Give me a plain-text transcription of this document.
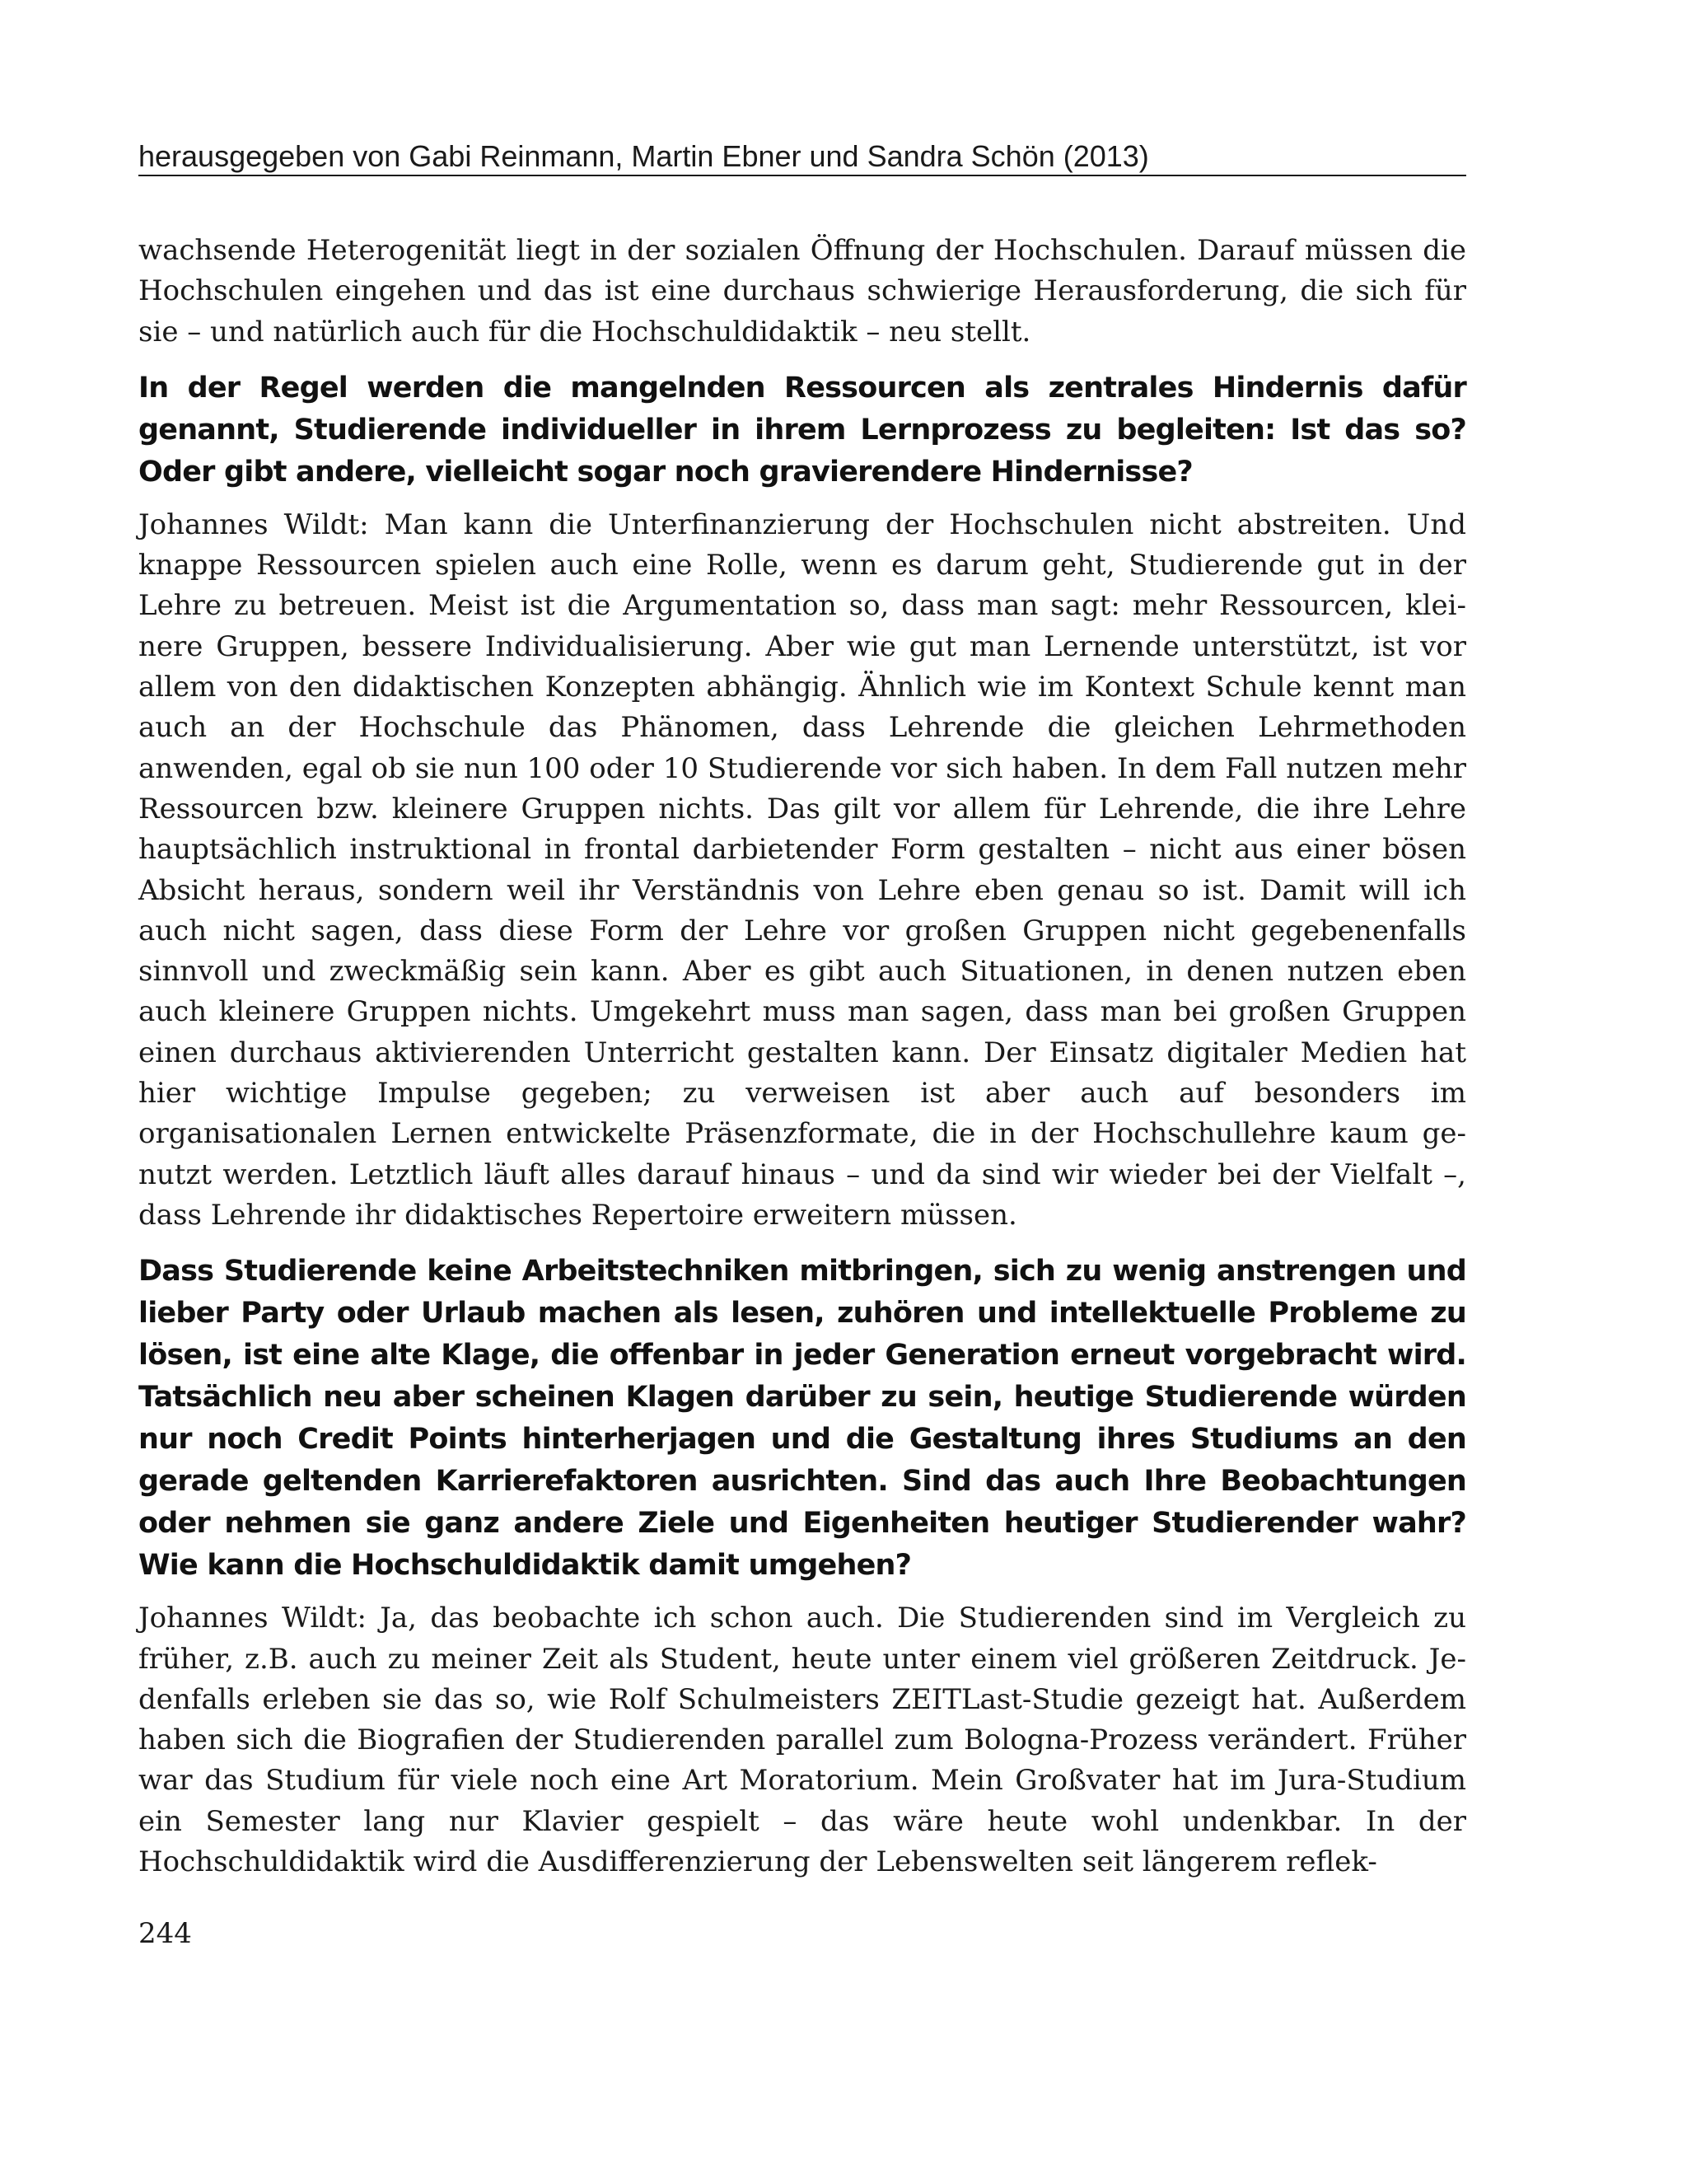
herausgegeben von Gabi Reinmann, Martin Ebner und Sandra Schön (2013)

wachsende Heterogenität liegt in der sozialen Öffnung der Hochschulen. Darauf müssen die Hochschulen eingehen und das ist eine durchaus schwierige Herausforderung, die sich für sie – und natürlich auch für die Hochschuldidaktik – neu stellt.

In der Regel werden die mangelnden Ressourcen als zentrales Hindernis dafür genannt, Studierende individueller in ihrem Lernprozess zu begleiten: Ist das so? Oder gibt andere, vielleicht sogar noch gravierendere Hindernisse?

Johannes Wildt: Man kann die Unterfinanzierung der Hochschulen nicht abstreiten. Und knappe Ressourcen spielen auch eine Rolle, wenn es darum geht, Studierende gut in der Lehre zu betreuen. Meist ist die Argumentation so, dass man sagt: mehr Ressourcen, kleinere Gruppen, bessere Individualisierung. Aber wie gut man Lernende unterstützt, ist vor allem von den didaktischen Konzepten abhängig. Ähnlich wie im Kontext Schule kennt man auch an der Hochschule das Phänomen, dass Lehrende die gleichen Lehrmethoden anwenden, egal ob sie nun 100 oder 10 Studierende vor sich haben. In dem Fall nutzen mehr Ressourcen bzw. kleinere Gruppen nichts. Das gilt vor allem für Lehrende, die ihre Lehre hauptsächlich instruktional in frontal darbietender Form gestalten – nicht aus einer bösen Absicht heraus, sondern weil ihr Verständnis von Lehre eben genau so ist. Damit will ich auch nicht sagen, dass diese Form der Lehre vor großen Gruppen nicht gegebenenfalls sinnvoll und zweckmäßig sein kann. Aber es gibt auch Situationen, in denen nutzen eben auch kleinere Gruppen nichts. Umgekehrt muss man sagen, dass man bei großen Gruppen einen durchaus aktivierenden Unterricht gestalten kann. Der Einsatz digitaler Medien hat hier wichtige Impulse gegeben; zu verweisen ist aber auch auf besonders im organisationalen Lernen entwickelte Präsenzformate, die in der Hochschullehre kaum genutzt werden. Letztlich läuft alles darauf hinaus – und da sind wir wieder bei der Vielfalt –, dass Lehrende ihr didaktisches Repertoire erweitern müssen.

Dass Studierende keine Arbeitstechniken mitbringen, sich zu wenig anstrengen und lieber Party oder Urlaub machen als lesen, zuhören und intellektuelle Probleme zu lösen, ist eine alte Klage, die offenbar in jeder Generation erneut vorgebracht wird. Tatsächlich neu aber scheinen Klagen darüber zu sein, heutige Studierende würden nur noch Credit Points hinterherjagen und die Gestaltung ihres Studiums an den gerade geltenden Karrierefaktoren ausrichten. Sind das auch Ihre Beobachtungen oder nehmen sie ganz andere Ziele und Eigenheiten heutiger Studierender wahr? Wie kann die Hochschuldidaktik damit umgehen?

Johannes Wildt: Ja, das beobachte ich schon auch. Die Studierenden sind im Vergleich zu früher, z.B. auch zu meiner Zeit als Student, heute unter einem viel größeren Zeitdruck. Jedenfalls erleben sie das so, wie Rolf Schulmeisters ZEITLast-Studie gezeigt hat. Außerdem haben sich die Biografien der Studierenden parallel zum Bologna-Prozess verändert. Früher war das Studium für viele noch eine Art Moratorium. Mein Großvater hat im Jura-Studium ein Semester lang nur Klavier gespielt – das wäre heute wohl undenkbar. In der Hochschuldidaktik wird die Ausdifferenzierung der Lebenswelten seit längerem reflek-

244
